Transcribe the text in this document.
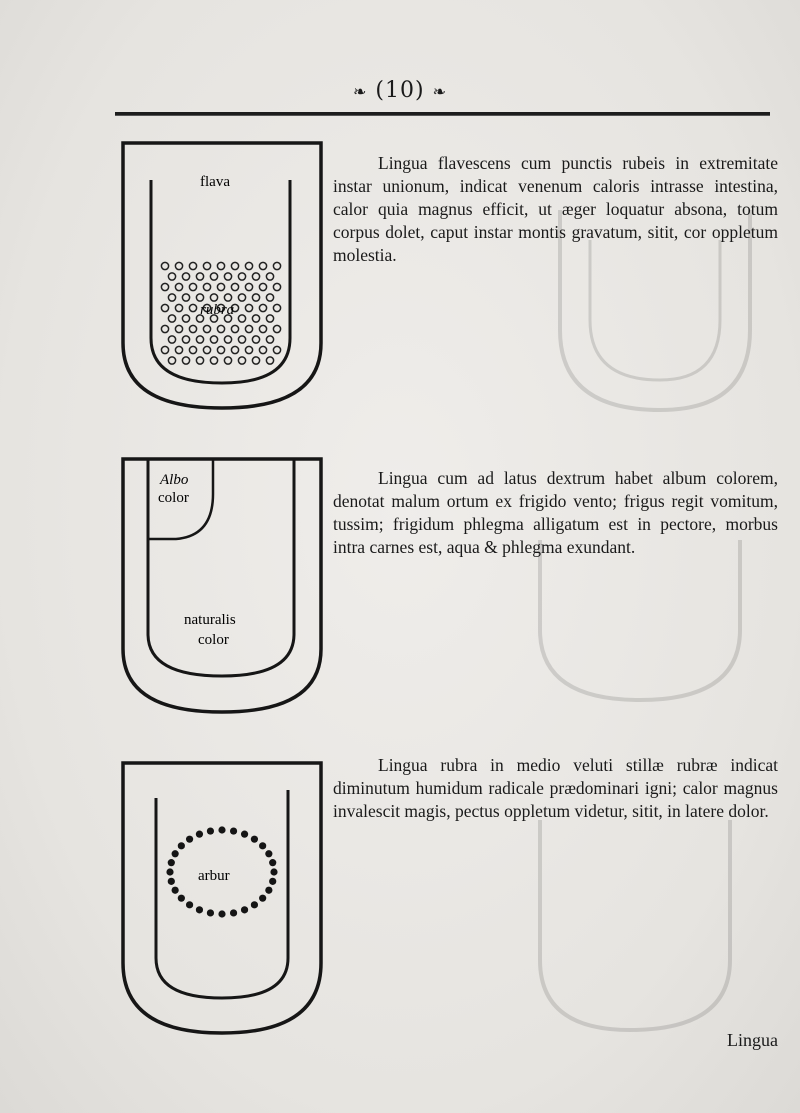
❧ (10) ❧
flava
rubra
Albo
color
naturalis
color
arbur
Lingua flavescens cum punctis rubeis in extremitate instar unionum, indicat venenum caloris intrasse intestina, calor quia magnus efficit, ut æger loquatur absona, totum corpus dolet, caput instar montis gravatum, sitit, cor oppletum molestia.
Lingua cum ad latus dextrum habet album colorem, denotat malum ortum ex frigido vento; frigus regit vomitum, tussim; frigidum phlegma alligatum est in pectore, morbus intra carnes est, aqua & phlegma exundant.
Lingua rubra in medio veluti stillæ rubræ indicat diminutum humidum radicale prædominari igni; calor magnus invalescit magis, pectus oppletum videtur, sitit, in latere dolor.
Lingua
